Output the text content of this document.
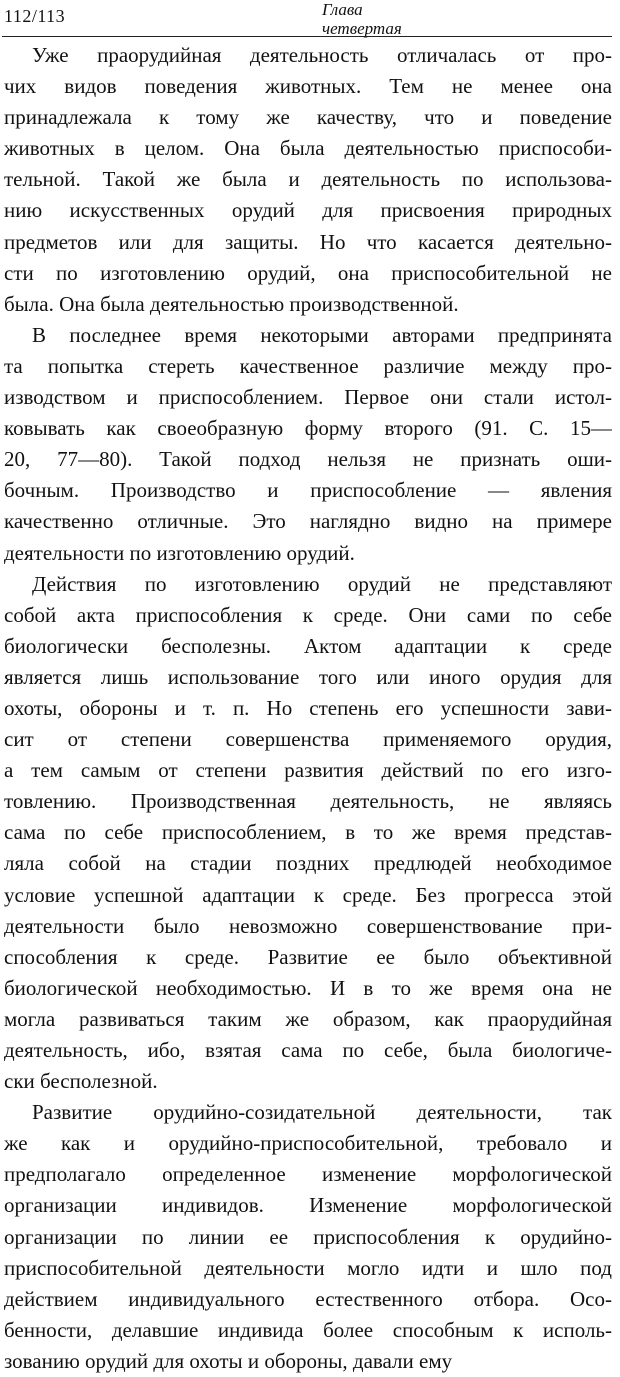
112/113	Глава
четвертая
Уже праорудийная деятельность отличалась от про-
чих видов поведения животных. Тем не менее она
принадлежала к тому же качеству, что и поведение
животных в целом. Она была деятельностью приспособи-
тельной. Такой же была и деятельность по использова-
нию искусственных орудий для присвоения природных
предметов или для защиты. Но что касается деятельно-
сти по изготовлению орудий, она приспособительной не
была. Она была деятельностью производственной.
В последнее время некоторыми авторами предпринята
та попытка стереть качественное различие между про-
изводством и приспособлением. Первое они стали истол-
ковывать как своеобразную форму второго (91. С. 15—
20, 77—80). Такой подход нельзя не признать оши-
бочным. Производство и приспособление — явления
качественно отличные. Это наглядно видно на примере
деятельности по изготовлению орудий.
Действия по изготовлению орудий не представляют
собой акта приспособления к среде. Они сами по себе
биологически бесполезны. Актом адаптации к среде
является лишь использование того или иного орудия для
охоты, обороны и т. п. Но степень его успешности зави-
сит от степени совершенства применяемого орудия,
а тем самым от степени развития действий по его изго-
товлению. Производственная деятельность, не являясь
сама по себе приспособлением, в то же время представ-
ляла собой на стадии поздних предлюдей необходимое
условие успешной адаптации к среде. Без прогресса этой
деятельности было невозможно совершенствование при-
способления к среде. Развитие ее было объективной
биологической необходимостью. И в то же время она не
могла развиваться таким же образом, как праорудийная
деятельность, ибо, взятая сама по себе, была биологиче-
ски бесполезной.
Развитие орудийно-созидательной деятельности, так
же как и орудийно-приспособительной, требовало и
предполагало определенное изменение морфологической
организации индивидов. Изменение морфологической
организации по линии ее приспособления к орудийно-
приспособительной деятельности могло идти и шло под
действием индивидуального естественного отбора. Осо-
бенности, делавшие индивида более способным к исполь-
зованию орудий для охоты и обороны, давали ему
